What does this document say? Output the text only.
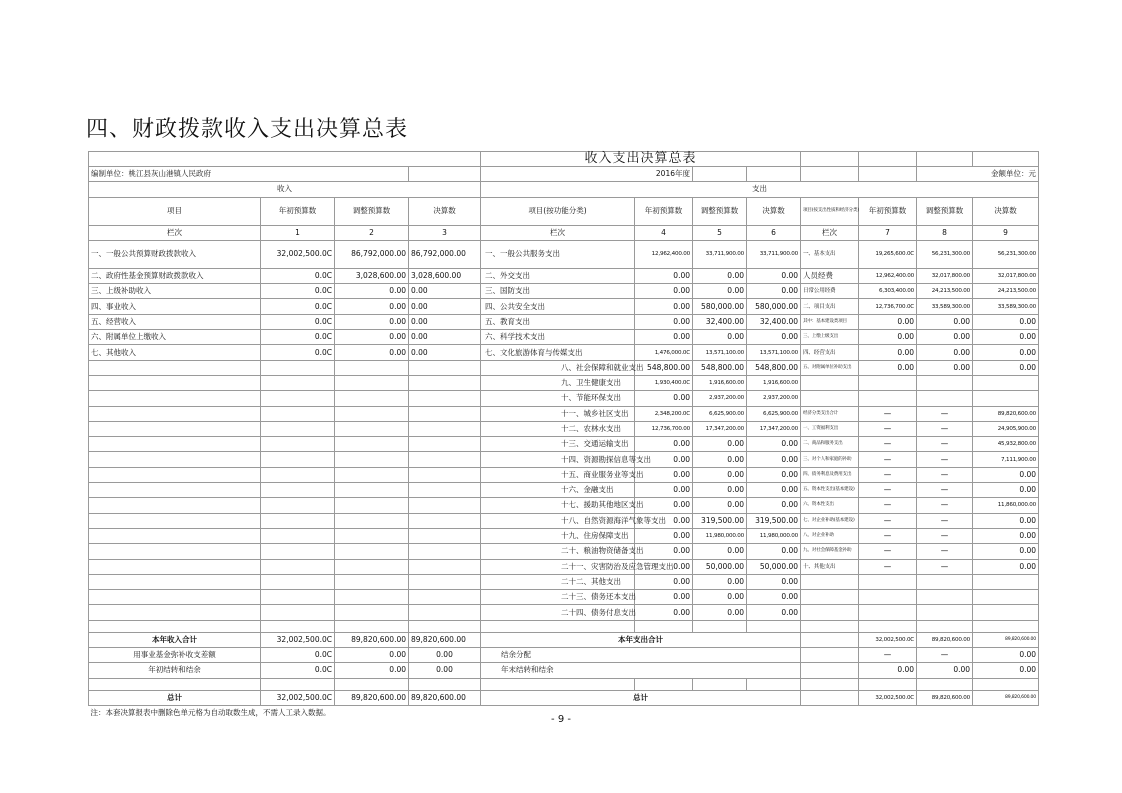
四、财政拨款收入支出决算总表
				收入支出决算总表							
编制单位：桃江县灰山港镇人民政府				2016年度						金额单位：元	
收入				支出							
项目	年初预算数	调整预算数	决算数	项目(按功能分类)	年初预算数	调整预算数	决算数	项目(按支出性质和经济分类)	年初预算数	调整预算数	决算数
栏次	1	2	3	栏次	4	5	6	栏次	7	8	9
一、一般公共预算财政拨款收入	32,002,500.0C	86,792,000.00	86,792,000.00	一、一般公共服务支出	12,962,400.00	33,711,900.00	33,711,900.00	一、基本支出	19,265,600.0C	56,231,300.00	56,231,300.00
二、政府性基金预算财政拨款收入	0.0C	3,028,600.00	3,028,600.00	二、外交支出	0.00	0.00	0.00	人员经费	12,962,400.00	32,017,800.00	32,017,800.00
三、上级补助收入	0.0C	0.00	0.00	三、国防支出	0.00	0.00	0.00	日常公用经费	6,303,400.00	24,213,500.00	24,213,500.00
四、事业收入	0.0C	0.00	0.00	四、公共安全支出	0.00	580,000.00	580,000.00	二、项目支出	12,736,700.0C	33,589,300.00	33,589,300.00
五、经营收入	0.0C	0.00	0.00	五、教育支出	0.00	32,400.00	32,400.00	其中：基本建设类项目	0.00	0.00	0.00
六、附属单位上缴收入	0.0C	0.00	0.00	六、科学技术支出	0.00	0.00	0.00	三、上缴上级支出	0.00	0.00	0.00
七、其他收入	0.0C	0.00	0.00	七、文化旅游体育与传媒支出	1,476,000.0C	13,571,100.00	13,571,100.00	四、经营支出	0.00	0.00	0.00
				八、社会保障和就业支出	548,800.00	548,800.00	548,800.00	五、对附属单位补助支出	0.00	0.00	0.00
				九、卫生健康支出	1,930,400.0C	1,916,600.00	1,916,600.00				
				十、节能环保支出	0.00	2,937,200.00	2,937,200.00				
				十一、城乡社区支出	2,348,200.0C	6,625,900.00	6,625,900.00	经济分类支出合计	—	—	89,820,600.00
				十二、农林水支出	12,736,700.00	17,347,200.00	17,347,200.00	一、工资福利支出	—	—	24,905,900.00
				十三、交通运输支出	0.00	0.00	0.00	二、商品和服务支出	—	—	45,932,800.00
				十四、资源勘探信息等支出	0.00	0.00	0.00	三、对个人和家庭的补助	—	—	7,111,900.00
				十五、商业服务业等支出	0.00	0.00	0.00	四、债务利息及费用支出	—	—	0.00
				十六、金融支出	0.00	0.00	0.00	五、资本性支出(基本建设)	—	—	0.00
				十七、援助其他地区支出	0.00	0.00	0.00	六、资本性支出	—	—	11,860,000.00
				十八、自然资源海洋气象等支出	0.00	319,500.00	319,500.00	七、对企业补助(基本建设)	—	—	0.00
				十九、住房保障支出	0.00	11,980,000.00	11,980,000.00	八、对企业补助	—	—	0.00
				二十、粮油物资储备支出	0.00	0.00	0.00	九、对社会保障基金补助	—	—	0.00
				二十一、灾害防治及应急管理支出	0.00	50,000.00	50,000.00	十、其他支出	—	—	0.00
				二十二、其他支出	0.00	0.00	0.00				
				二十三、债务还本支出	0.00	0.00	0.00				
				二十四、债务付息支出	0.00	0.00	0.00				

本年收入合计	32,002,500.0C	89,820,600.00	89,820,600.00	本年支出合计					32,002,500.0C	89,820,600.00	89,820,600.00
用事业基金弥补收支差额	0.0C	0.00	0.00	结余分配					—	—	0.00
年初结转和结余	0.0C	0.00	0.00	年末结转和结余					0.00	0.00	0.00

总计	32,002,500.0C	89,820,600.00	89,820,600.00	总计					32,002,500.0C	89,820,600.00	89,820,600.00
注：本套决算报表中删除色单元格为自动取数生成，不需人工录入数据。											
- 9 -
